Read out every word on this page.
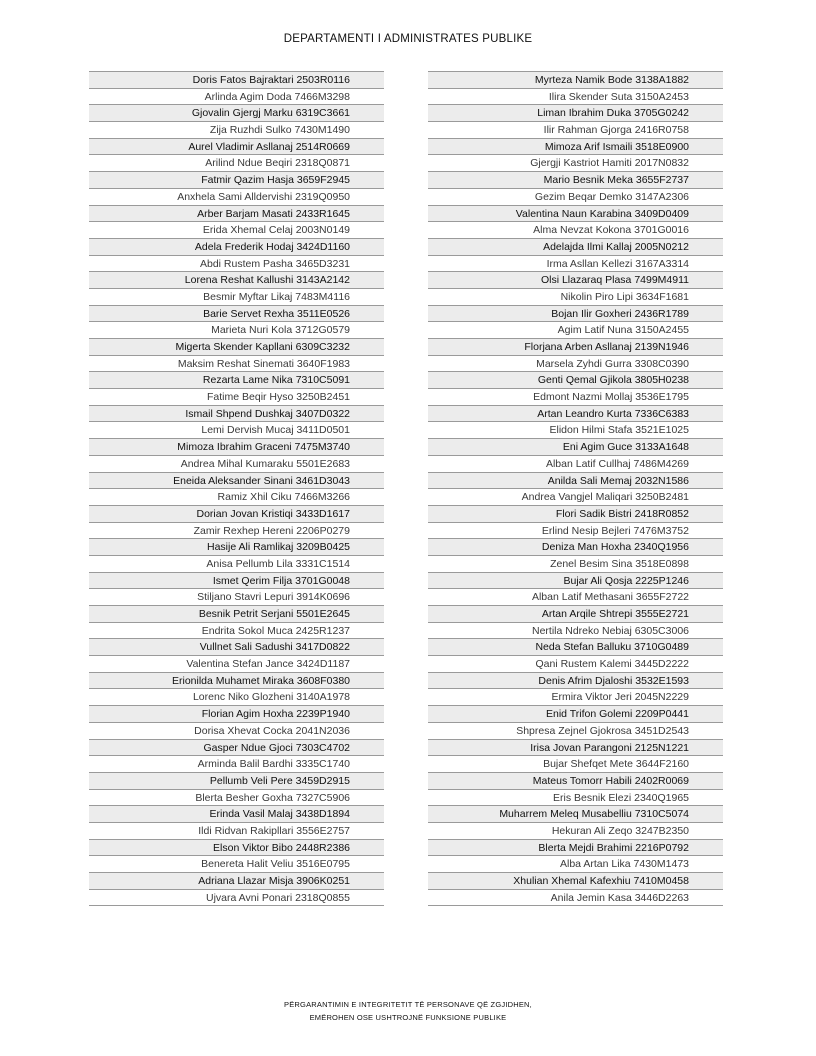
DEPARTAMENTI I ADMINISTRATES PUBLIKE
Doris Fatos Bajraktari 2503R0116
Arlinda Agim Doda 7466M3298
Gjovalin Gjergj Marku 6319C3661
Zija Ruzhdi Sulko 7430M1490
Aurel Vladimir Asllanaj 2514R0669
Arilind Ndue Beqiri 2318Q0871
Fatmir Qazim Hasja 3659F2945
Anxhela Sami Alldervishi 2319Q0950
Arber Barjam Masati 2433R1645
Erida Xhemal Celaj 2003N0149
Adela Frederik Hodaj 3424D1160
Abdi Rustem Pasha 3465D3231
Lorena Reshat Kallushi 3143A2142
Besmir Myftar Likaj 7483M4116
Barie Servet Rexha 3511E0526
Marieta Nuri Kola 3712G0579
Migerta Skender Kapllani 6309C3232
Maksim Reshat Sinemati 3640F1983
Rezarta Lame Nika 7310C5091
Fatime Beqir Hyso 3250B2451
Ismail Shpend Dushkaj 3407D0322
Lemi Dervish Mucaj 3411D0501
Mimoza Ibrahim Graceni 7475M3740
Andrea Mihal Kumaraku 5501E2683
Eneida Aleksander Sinani 3461D3043
Ramiz Xhil Ciku 7466M3266
Dorian Jovan Kristiqi 3433D1617
Zamir Rexhep Hereni 2206P0279
Hasije Ali Ramlikaj 3209B0425
Anisa Pellumb Lila 3331C1514
Ismet Qerim Filja 3701G0048
Stiljano Stavri Lepuri 3914K0696
Besnik Petrit Serjani 5501E2645
Endrita Sokol Muca 2425R1237
Vullnet Sali Sadushi 3417D0822
Valentina Stefan Jance 3424D1187
Erionilda Muhamet Miraka 3608F0380
Lorenc Niko Glozheni 3140A1978
Florian Agim Hoxha 2239P1940
Dorisa Xhevat Cocka 2041N2036
Gasper Ndue Gjoci 7303C4702
Arminda Balil Bardhi 3335C1740
Pellumb Veli Pere 3459D2915
Blerta Besher Goxha 7327C5906
Erinda Vasil Malaj 3438D1894
Ildi Ridvan Rakipllari 3556E2757
Elson Viktor Bibo 2448R2386
Benereta Halit Veliu 3516E0795
Adriana Llazar Misja 3906K0251
Ujvara Avni Ponari 2318Q0855
Myrteza Namik Bode 3138A1882
Ilira Skender Suta 3150A2453
Liman Ibrahim Duka 3705G0242
Ilir Rahman Gjorga 2416R0758
Mimoza Arif Ismaili 3518E0900
Gjergji Kastriot Hamiti 2017N0832
Mario Besnik Meka 3655F2737
Gezim Beqar Demko 3147A2306
Valentina Naun Karabina 3409D0409
Alma Nevzat Kokona 3701G0016
Adelajda Ilmi Kallaj 2005N0212
Irma Asllan Kellezi 3167A3314
Olsi Llazaraq Plasa 7499M4911
Nikolin Piro Lipi 3634F1681
Bojan Ilir Goxheri 2436R1789
Agim Latif Nuna 3150A2455
Florjana Arben Asllanaj 2139N1946
Marsela Zyhdi Gurra 3308C0390
Genti Qemal Gjikola 3805H0238
Edmont Nazmi Mollaj 3536E1795
Artan Leandro Kurta 7336C6383
Elidon Hilmi Stafa 3521E1025
Eni Agim Guce 3133A1648
Alban Latif Cullhaj 7486M4269
Anilda Sali Memaj 2032N1586
Andrea Vangjel Maliqari 3250B2481
Flori Sadik Bistri 2418R0852
Erlind Nesip Bejleri 7476M3752
Deniza Man Hoxha 2340Q1956
Zenel Besim Sina 3518E0898
Bujar Ali Qosja 2225P1246
Alban Latif Methasani 3655F2722
Artan Arqile Shtrepi 3555E2721
Nertila Ndreko Nebiaj 6305C3006
Neda Stefan Balluku 3710G0489
Qani Rustem Kalemi 3445D2222
Denis Afrim Djaloshi 3532E1593
Ermira Viktor Jeri 2045N2229
Enid Trifon Golemi 2209P0441
Shpresa Zejnel Gjokrosa 3451D2543
Irisa Jovan Parangoni 2125N1221
Bujar Shefqet Mete 3644F2160
Mateus Tomorr Habili 2402R0069
Eris Besnik Elezi 2340Q1965
Muharrem Meleq Musabelliu 7310C5074
Hekuran Ali Zeqo 3247B2350
Blerta Mejdi Brahimi 2216P0792
Alba Artan Lika 7430M1473
Xhulian Xhemal Kafexhiu 7410M0458
Anila Jemin Kasa 3446D2263
PËRGARANTIMIN E INTEGRITETIT TË PERSONAVE QË ZGJIDHEN,
EMËROHEN OSE USHTROJNË FUNKSIONE PUBLIKE
